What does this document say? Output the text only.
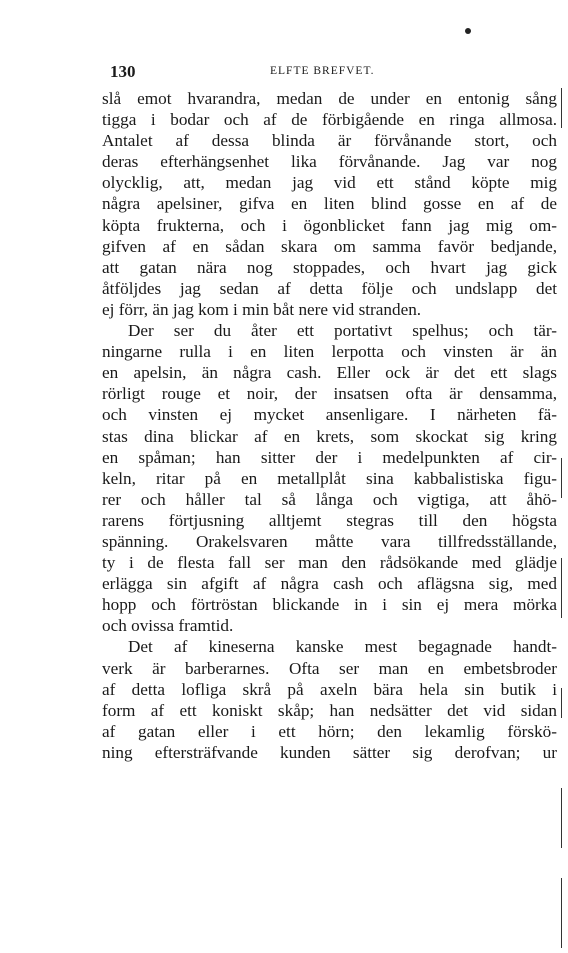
130	ELFTE BREFVET.
slå emot hvarandra, medan de under en entonig sång
tigga i bodar och af de förbigående en ringa allmosa.
Antalet af dessa blinda är förvånande stort, och
deras efterhängsenhet lika förvånande. Jag var nog
olycklig, att, medan jag vid ett stånd köpte mig
några apelsiner, gifva en liten blind gosse en af de
köpta frukterna, och i ögonblicket fann jag mig om-
gifven af en sådan skara om samma favör bedjande,
att gatan nära nog stoppades, och hvart jag gick
åtföljdes jag sedan af detta följe och undslapp det
ej förr, än jag kom i min båt nere vid stranden.
Der ser du åter ett portativt spelhus; och tär-
ningarne rulla i en liten lerpotta och vinsten är än
en apelsin, än några cash. Eller ock är det ett slags
rörligt rouge et noir, der insatsen ofta är densamma,
och vinsten ej mycket ansenligare. I närheten fä-
stas dina blickar af en krets, som skockat sig kring
en spåman; han sitter der i medelpunkten af cir-
keln, ritar på en metallplåt sina kabbalistiska figu-
rer och håller tal så långa och vigtiga, att åhö-
rarens förtjusning alltjemt stegras till den högsta
spänning. Orakelsvaren måtte vara tillfredsställande,
ty i de flesta fall ser man den rådsökande med glädje
erlägga sin afgift af några cash och aflägsna sig, med
hopp och förtröstan blickande in i sin ej mera mörka
och ovissa framtid.
Det af kineserna kanske mest begagnade handt-
verk är barberarnes. Ofta ser man en embetsbroder
af detta lofliga skrå på axeln bära hela sin butik i
form af ett koniskt skåp; han nedsätter det vid sidan
af gatan eller i ett hörn; den lekamlig förskö-
ning eftersträfvande kunden sätter sig derofvan; ur
